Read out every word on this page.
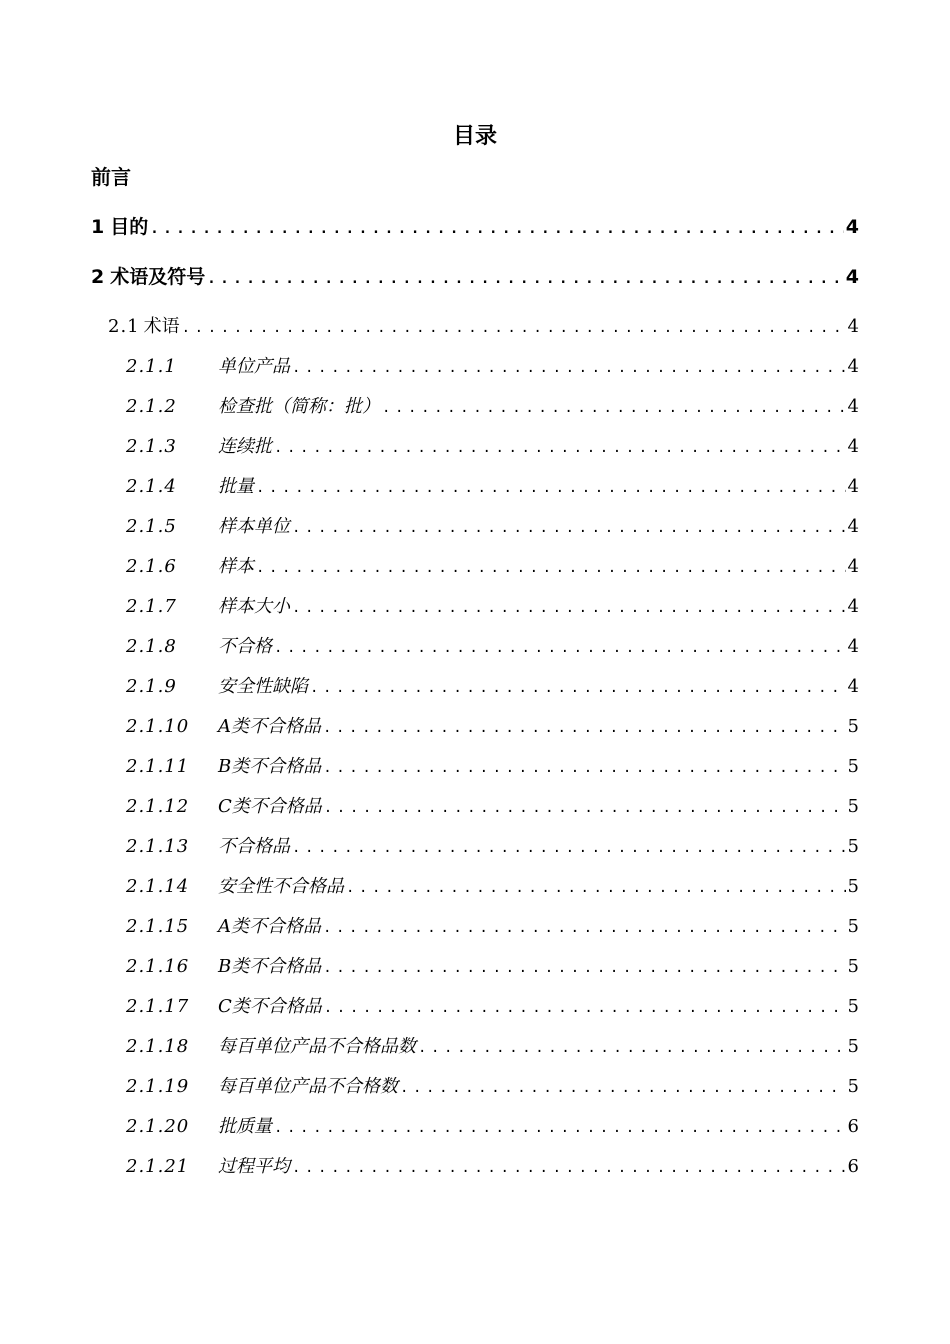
目录
前言
1 目的 .....	4
2 术语及符号 .....	4
2.1 术语 .....	4
2.1.1	单位产品 .....	4
2.1.2	检查批（简称：批） .....	4
2.1.3	连续批 .....	4
2.1.4	批量 .....	4
2.1.5	样本单位 .....	4
2.1.6	样本 .....	4
2.1.7	样本大小 .....	4
2.1.8	不合格 .....	4
2.1.9	安全性缺陷 .....	4
2.1.10	A类不合格品 .....	5
2.1.11	B类不合格品 .....	5
2.1.12	C类不合格品 .....	5
2.1.13	不合格品 .....	5
2.1.14	安全性不合格品 .....	5
2.1.15	A类不合格品 .....	5
2.1.16	B类不合格品 .....	5
2.1.17	C类不合格品 .....	5
2.1.18	每百单位产品不合格品数 .....	5
2.1.19	每百单位产品不合格数 .....	5
2.1.20	批质量 .....	6
2.1.21	过程平均 .....	6
